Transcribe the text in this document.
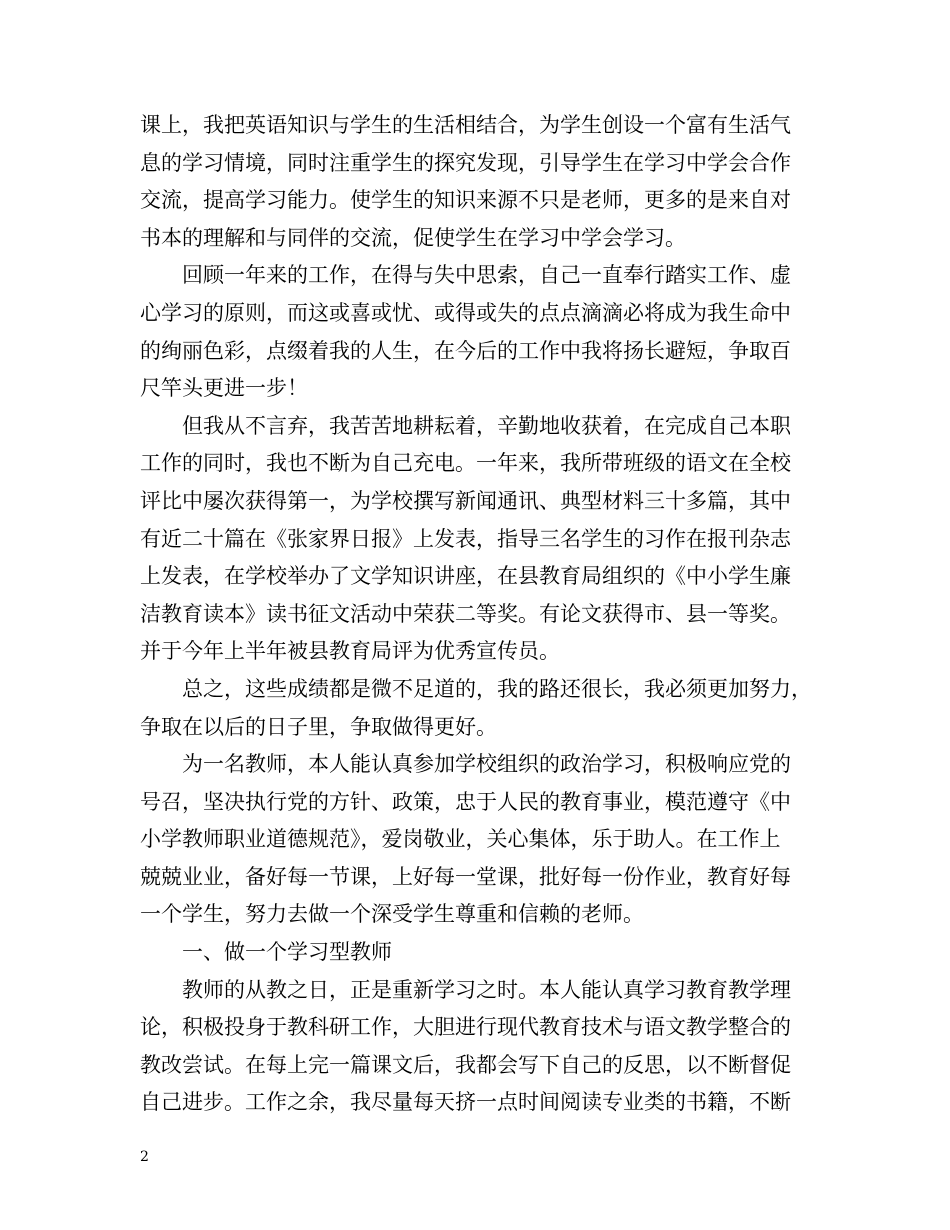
课上，我把英语知识与学生的生活相结合，为学生创设一个富有生活气
息的学习情境，同时注重学生的探究发现，引导学生在学习中学会合作
交流，提高学习能力。使学生的知识来源不只是老师，更多的是来自对
书本的理解和与同伴的交流，促使学生在学习中学会学习。
回顾一年来的工作，在得与失中思索，自己一直奉行踏实工作、虚
心学习的原则，而这或喜或忧、或得或失的点点滴滴必将成为我生命中
的绚丽色彩，点缀着我的人生，在今后的工作中我将扬长避短，争取百
尺竿头更进一步！
但我从不言弃，我苦苦地耕耘着，辛勤地收获着，在完成自己本职
工作的同时，我也不断为自己充电。一年来，我所带班级的语文在全校
评比中屡次获得第一，为学校撰写新闻通讯、典型材料三十多篇，其中
有近二十篇在《张家界日报》上发表，指导三名学生的习作在报刊杂志
上发表，在学校举办了文学知识讲座，在县教育局组织的《中小学生廉
洁教育读本》读书征文活动中荣获二等奖。有论文获得市、县一等奖。
并于今年上半年被县教育局评为优秀宣传员。
总之，这些成绩都是微不足道的，我的路还很长，我必须更加努力，
争取在以后的日子里，争取做得更好。
为一名教师，本人能认真参加学校组织的政治学习，积极响应党的
号召，坚决执行党的方针、政策，忠于人民的教育事业，模范遵守《中
小学教师职业道德规范》，爱岗敬业，关心集体，乐于助人。在工作上
兢兢业业，备好每一节课，上好每一堂课，批好每一份作业，教育好每
一个学生，努力去做一个深受学生尊重和信赖的老师。
一、做一个学习型教师
教师的从教之日，正是重新学习之时。本人能认真学习教育教学理
论，积极投身于教科研工作，大胆进行现代教育技术与语文教学整合的
教改尝试。在每上完一篇课文后，我都会写下自己的反思，以不断督促
自己进步。工作之余，我尽量每天挤一点时间阅读专业类的书籍，不断
2
